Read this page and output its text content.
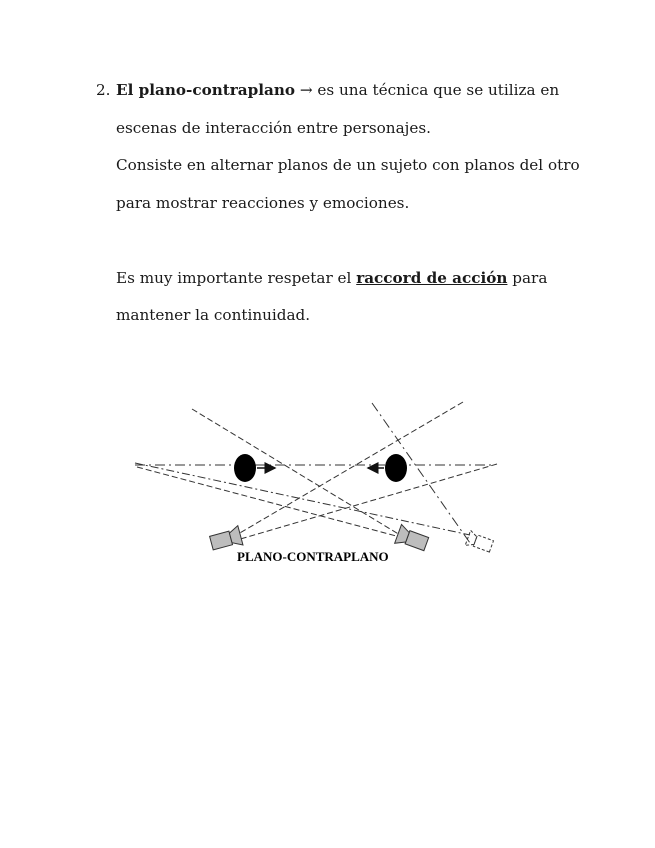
2. El plano-contraplano → es una técnica que se utiliza en
escenas de interacción entre personajes.
Consiste en alternar planos de un sujeto con planos del otro
para mostrar reacciones y emociones.
Es muy importante respetar el raccord de acción para
mantener la continuidad.
PLANO-CONTRAPLANO
